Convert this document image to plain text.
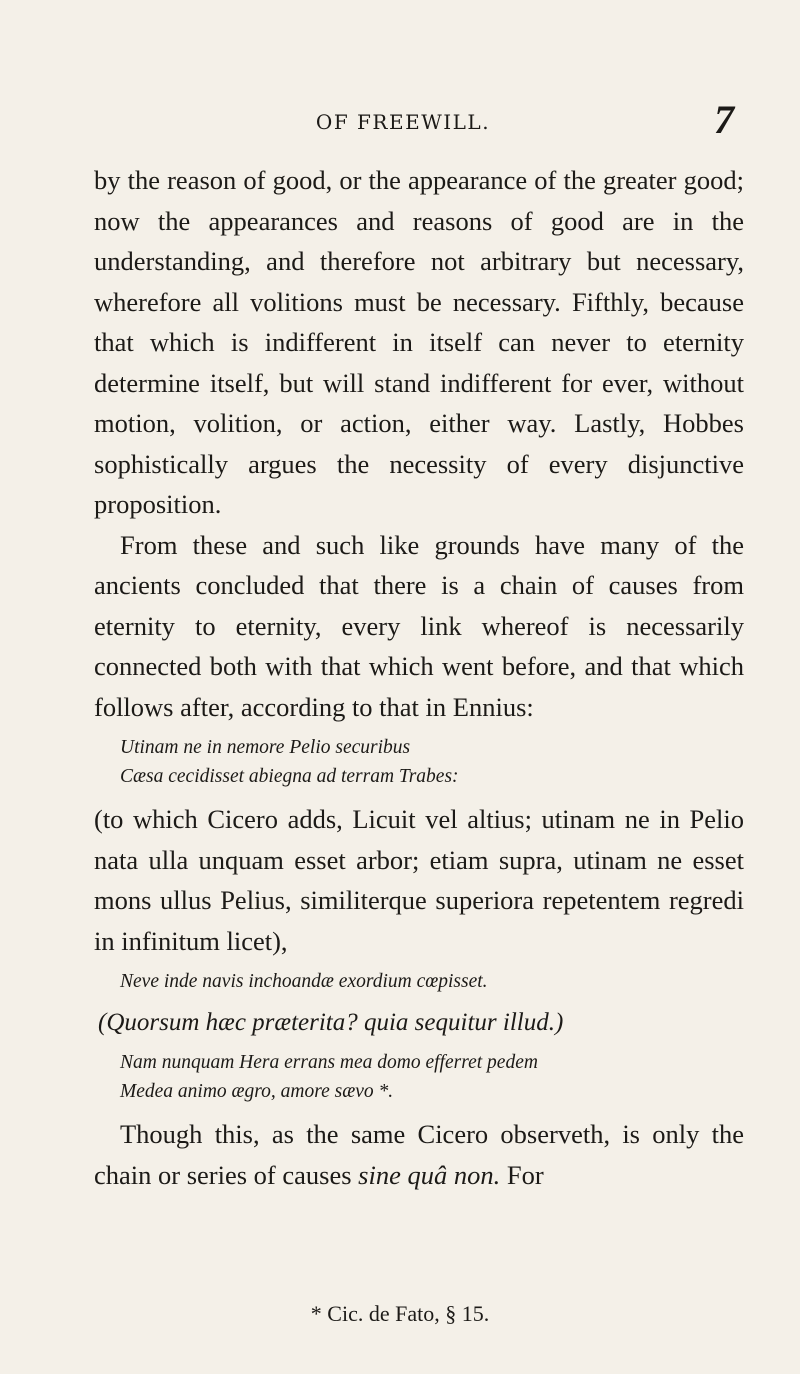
OF FREEWILL.	7

by the reason of good, or the appearance of the greater good; now the appearances and reasons of good are in the understanding, and therefore not arbitrary but necessary, wherefore all volitions must be necessary. Fifthly, because that which is indifferent in itself can never to eternity determine itself, but will stand indifferent for ever, without motion, volition, or action, either way. Lastly, Hobbes sophistically argues the necessity of every disjunctive proposition.

From these and such like grounds have many of the ancients concluded that there is a chain of causes from eternity to eternity, every link whereof is necessarily connected both with that which went before, and that which follows after, according to that in Ennius:

Utinam ne in nemore Pelio securibus
Cæsa cecidisset abiegna ad terram Trabes:

(to which Cicero adds, Licuit vel altius; utinam ne in Pelio nata ulla unquam esset arbor; etiam supra, utinam ne esset mons ullus Pelius, similiterque superiora repetentem regredi in infinitum licet),

Neve inde navis inchoandæ exordium cœpisset.

(Quorsum hæc præterita? quia sequitur illud.)

Nam nunquam Hera errans mea domo efferret pedem
Medea animo ægro, amore sævo *.

Though this, as the same Cicero observeth, is only the chain or series of causes sine quâ non. For

* Cic. de Fato, § 15.
